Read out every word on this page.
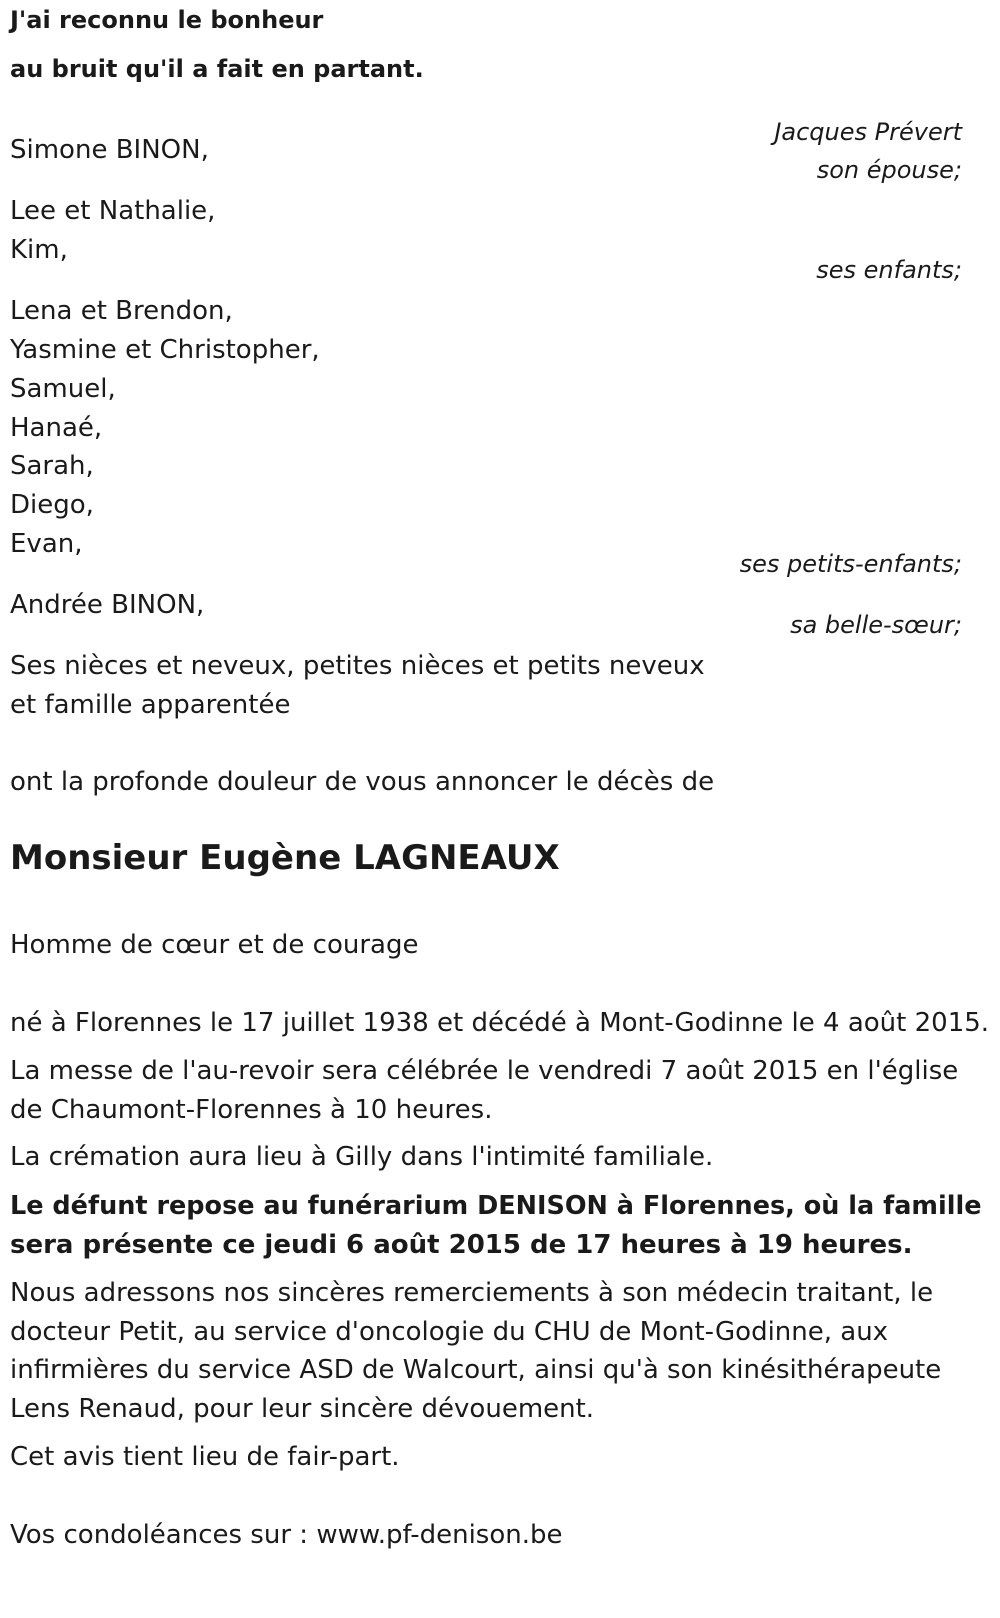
J'ai reconnu le bonheur
au bruit qu'il a fait en partant.
Jacques Prévert
Simone BINON,
son épouse;
Lee et Nathalie,
Kim,
ses enfants;
Lena et Brendon,
Yasmine et Christopher,
Samuel,
Hanaé,
Sarah,
Diego,
Evan,
ses petits-enfants;
Andrée BINON,
sa belle-sœur;
Ses nièces et neveux, petites nièces et petits neveux
et famille apparentée
ont la profonde douleur de vous annoncer le décès de
Monsieur Eugène LAGNEAUX
Homme de cœur et de courage
né à Florennes le 17 juillet 1938 et décédé à Mont-Godinne le 4 août 2015.
La messe de l'au-revoir sera célébrée le vendredi 7 août 2015 en l'église
de Chaumont-Florennes à 10 heures.
La crémation aura lieu à Gilly dans l'intimité familiale.
Le défunt repose au funérarium DENISON à Florennes, où la famille
sera présente ce jeudi 6 août 2015 de 17 heures à 19 heures.
Nous adressons nos sincères remerciements à son médecin traitant, le
docteur Petit, au service d'oncologie du CHU de Mont-Godinne, aux
infirmières du service ASD de Walcourt, ainsi qu'à son kinésithérapeute
Lens Renaud, pour leur sincère dévouement.
Cet avis tient lieu de fair-part.
Vos condoléances sur : www.pf-denison.be
